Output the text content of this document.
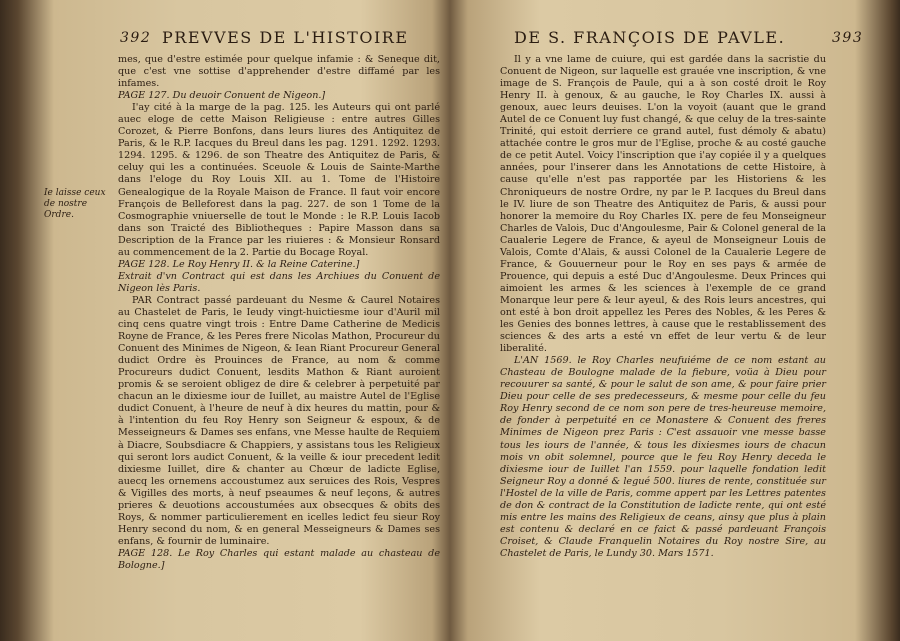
392 PREVVES DE L'HISTOIRE
Ie laisse ceux de nostre Ordre.

mes, que d'estre estimée pour quelque infamie : & Seneque dit, que c'est vne sottise d'apprehender d'estre diffamé par les infames.

PAGE 127. Du deuoir Conuent de Nigeon.]

I'ay cité à la marge de la pag. 125. les Auteurs qui ont parlé auec eloge de cette Maison Religieuse : entre autres Gilles Corozet, & Pierre Bonfons, dans leurs liures des Antiquitez de Paris, & le R.P. Iacques du Breul dans les pag. 1291. 1292. 1293. 1294. 1295. & 1296. de son Theatre des Antiquitez de Paris, & celuy qui les a continuées. Sceuole & Louis de Sainte-Marthe dans l'eloge du Roy Louis XII. au 1. Tome de l'Histoire Genealogique de la Royale Maison de France. Il faut voir encore François de Belleforest dans la pag. 227. de son 1 Tome de la Cosmographie vniuerselle de tout le Monde : le R.P. Louis Iacob dans son Traicté des Bibliotheques : Papire Masson dans sa Description de la France par les riuieres : & Monsieur Ronsard au commencement de la 2. Partie du Bocage Royal.

PAGE 128. Le Roy Henry II. & la Reine Caterine.]

Extrait d'vn Contract qui est dans les Archiues du Conuent de Nigeon lès Paris.

PAR Contract passé pardeuant du Nesme & Caurel Notaires au Chastelet de Paris, le Ieudy vingt-huictiesme iour d'Auril mil cinq cens quatre vingt trois : Entre Dame Catherine de Medicis Royne de France, & les Peres frere Nicolas Mathon, Procureur du Conuent des Minimes de Nigeon, & Iean Riant Procureur General dudict Ordre ès Prouinces de France, au nom & comme Procureurs dudict Conuent, lesdits Mathon & Riant auroient promis & se seroient obligez de dire & celebrer à perpetuité par chacun an le dixiesme iour de Iuillet, au maistre Autel de l'Eglise dudict Conuent, à l'heure de neuf à dix heures du mattin, pour & à l'intention du feu Roy Henry son Seigneur & espoux, & de Messeigneurs & Dames ses enfans, vne Messe haulte de Requiem à Diacre, Soubsdiacre & Chappiers, y assistans tous les Religieux qui seront lors audict Conuent, & la veille & iour precedent ledit dixiesme Iuillet, dire & chanter au Chœur de ladicte Eglise, auecq les ornemens accoustumez aux seruices des Rois, Vespres & Vigilles des morts, à neuf pseaumes & neuf leçons, & autres prieres & deuotions accoustumées aux obsecques & obits des Roys, & nommer particulierement en icelles ledict feu sieur Roy Henry second du nom, & en general Messeigneurs & Dames ses enfans, & fournir de luminaire.

PAGE 128. Le Roy Charles qui estant malade au chasteau de Bologne.]

DE S. FRANÇOIS DE PAVLE.	393

Il y a vne lame de cuiure, qui est gardée dans la sacristie du Conuent de Nigeon, sur laquelle est grauée vne inscription, & vne image de S. François de Paule, qui a à son costé droit le Roy Henry II. à genoux, & au gauche, le Roy Charles IX. aussi à genoux, auec leurs deuises. L'on la voyoit (auant que le grand Autel de ce Conuent luy fust changé, & que celuy de la tres-sainte Trinité, qui estoit derriere ce grand autel, fust démoly & abatu) attachée contre le gros mur de l'Eglise, proche & au costé gauche de ce petit Autel. Voicy l'inscription que i'ay copiée il y a quelques années, pour l'inserer dans les Annotations de cette Histoire, à cause qu'elle n'est pas rapportée par les Historiens & les Chroniqueurs de nostre Ordre, ny par le P. Iacques du Breul dans le IV. liure de son Theatre des Antiquitez de Paris, & aussi pour honorer la memoire du Roy Charles IX. pere de feu Monseigneur Charles de Valois, Duc d'Angoulesme, Pair & Colonel general de la Caualerie Legere de France, & ayeul de Monseigneur Louis de Valois, Comte d'Alais, & aussi Colonel de la Caualerie Legere de France, & Gouuerneur pour le Roy en ses pays & armée de Prouence, qui depuis a esté Duc d'Angoulesme. Deux Princes qui aimoient les armes & les sciences à l'exemple de ce grand Monarque leur pere & leur ayeul, & des Rois leurs ancestres, qui ont esté à bon droit appellez les Peres des Nobles, & les Peres & les Genies des bonnes lettres, à cause que le restablissement des sciences & des arts a esté vn effet de leur vertu & de leur liberalité.

L'AN 1569. le Roy Charles neufuiéme de ce nom estant au Chasteau de Boulogne malade de la fiebure, voüa à Dieu pour recouurer sa santé, & pour le salut de son ame, & pour faire prier Dieu pour celle de ses predecesseurs, & mesme pour celle du feu Roy Henry second de ce nom son pere de tres-heureuse memoire, de fonder à perpetuité en ce Monastere & Conuent des freres Minimes de Nigeon prez Paris : C'est assauoir vne messe basse tous les iours de l'année, & tous les dixiesmes iours de chacun mois vn obit solemnel, pource que le feu Roy Henry deceda le dixiesme iour de Iuillet l'an 1559. pour laquelle fondation ledit Seigneur Roy a donné & legué 500. liures de rente, constituée sur l'Hostel de la ville de Paris, comme appert par les Lettres patentes de don & contract de la Constitution de ladicte rente, qui ont esté mis entre les mains des Religieux de ceans, ainsy que plus à plain est contenu & declaré en ce faict & passé pardeuant François Croiset, & Claude Franquelin Notaires du Roy nostre Sire, au Chastelet de Paris, le Lundy 30. Mars 1571.
